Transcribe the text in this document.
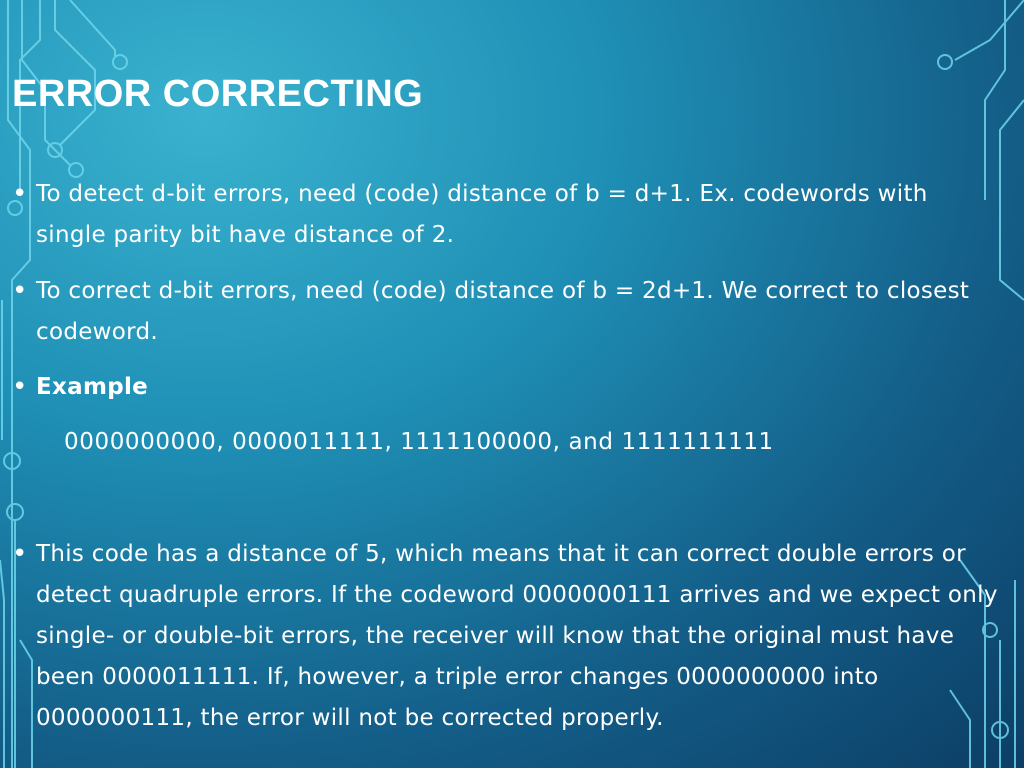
ERROR CORRECTING
• To detect d-bit errors, need (code) distance of b = d+1. Ex. codewords with single parity bit have distance of 2.
• To correct d-bit errors, need (code) distance of b = 2d+1. We correct to closest codeword.
• Example
0000000000, 0000011111, 1111100000, and 1111111111
• This code has a distance of 5, which means that it can correct double errors or detect quadruple errors. If the codeword 0000000111 arrives and we expect only single- or double-bit errors, the receiver will know that the original must have been 0000011111. If, however, a triple error changes 0000000000 into 0000000111, the error will not be corrected properly.
